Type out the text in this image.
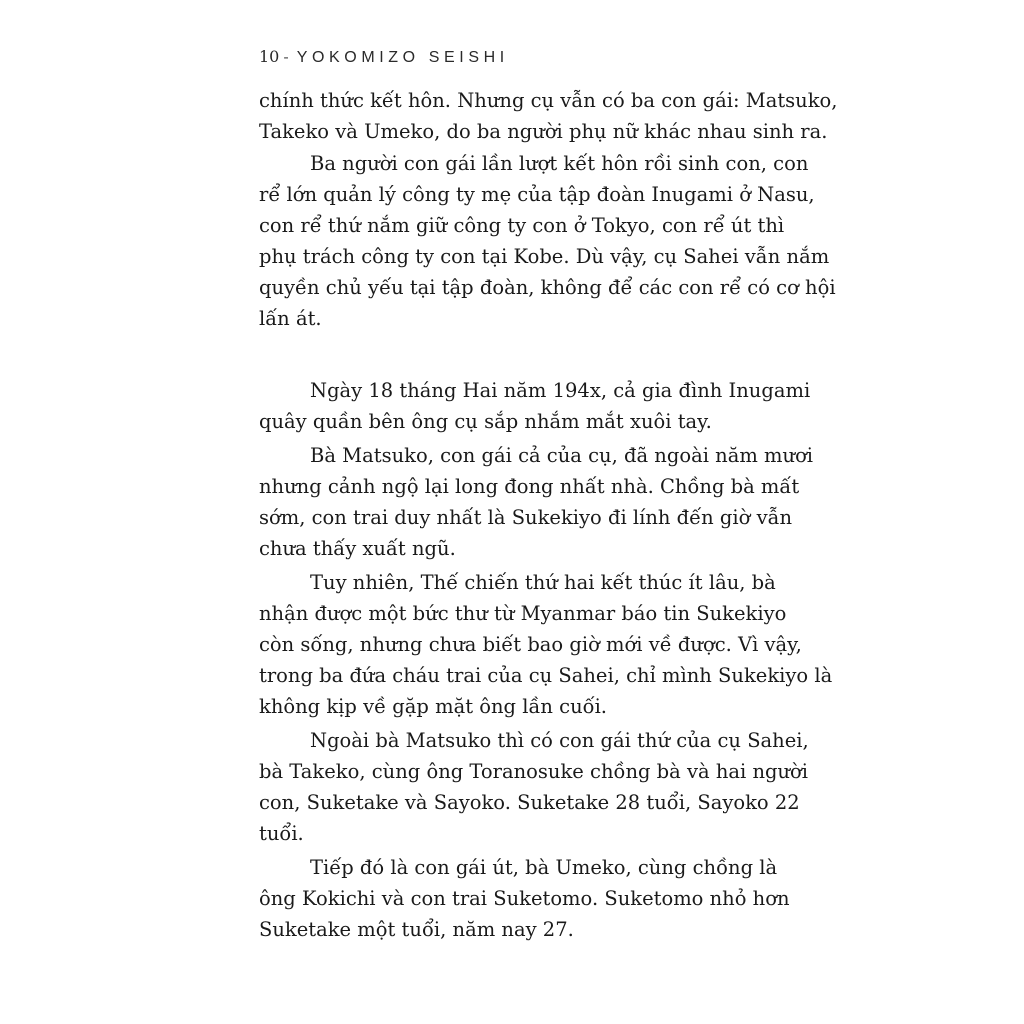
10 - YOKOMIZO SEISHI
chính thức kết hôn. Nhưng cụ vẫn có ba con gái: Matsuko,
Takeko và Umeko, do ba người phụ nữ khác nhau sinh ra.
Ba người con gái lần lượt kết hôn rồi sinh con, con
rể lớn quản lý công ty mẹ của tập đoàn Inugami ở Nasu,
con rể thứ nắm giữ công ty con ở Tokyo, con rể út thì
phụ trách công ty con tại Kobe. Dù vậy, cụ Sahei vẫn nắm
quyền chủ yếu tại tập đoàn, không để các con rể có cơ hội
lấn át.
Ngày 18 tháng Hai năm 194x, cả gia đình Inugami
quây quần bên ông cụ sắp nhắm mắt xuôi tay.
Bà Matsuko, con gái cả của cụ, đã ngoài năm mươi
nhưng cảnh ngộ lại long đong nhất nhà. Chồng bà mất
sớm, con trai duy nhất là Sukekiyo đi lính đến giờ vẫn
chưa thấy xuất ngũ.
Tuy nhiên, Thế chiến thứ hai kết thúc ít lâu, bà
nhận được một bức thư từ Myanmar báo tin Sukekiyo
còn sống, nhưng chưa biết bao giờ mới về được. Vì vậy,
trong ba đứa cháu trai của cụ Sahei, chỉ mình Sukekiyo là
không kịp về gặp mặt ông lần cuối.
Ngoài bà Matsuko thì có con gái thứ của cụ Sahei,
bà Takeko, cùng ông Toranosuke chồng bà và hai người
con, Suketake và Sayoko. Suketake 28 tuổi, Sayoko 22
tuổi.
Tiếp đó là con gái út, bà Umeko, cùng chồng là
ông Kokichi và con trai Suketomo. Suketomo nhỏ hơn
Suketake một tuổi, năm nay 27.
